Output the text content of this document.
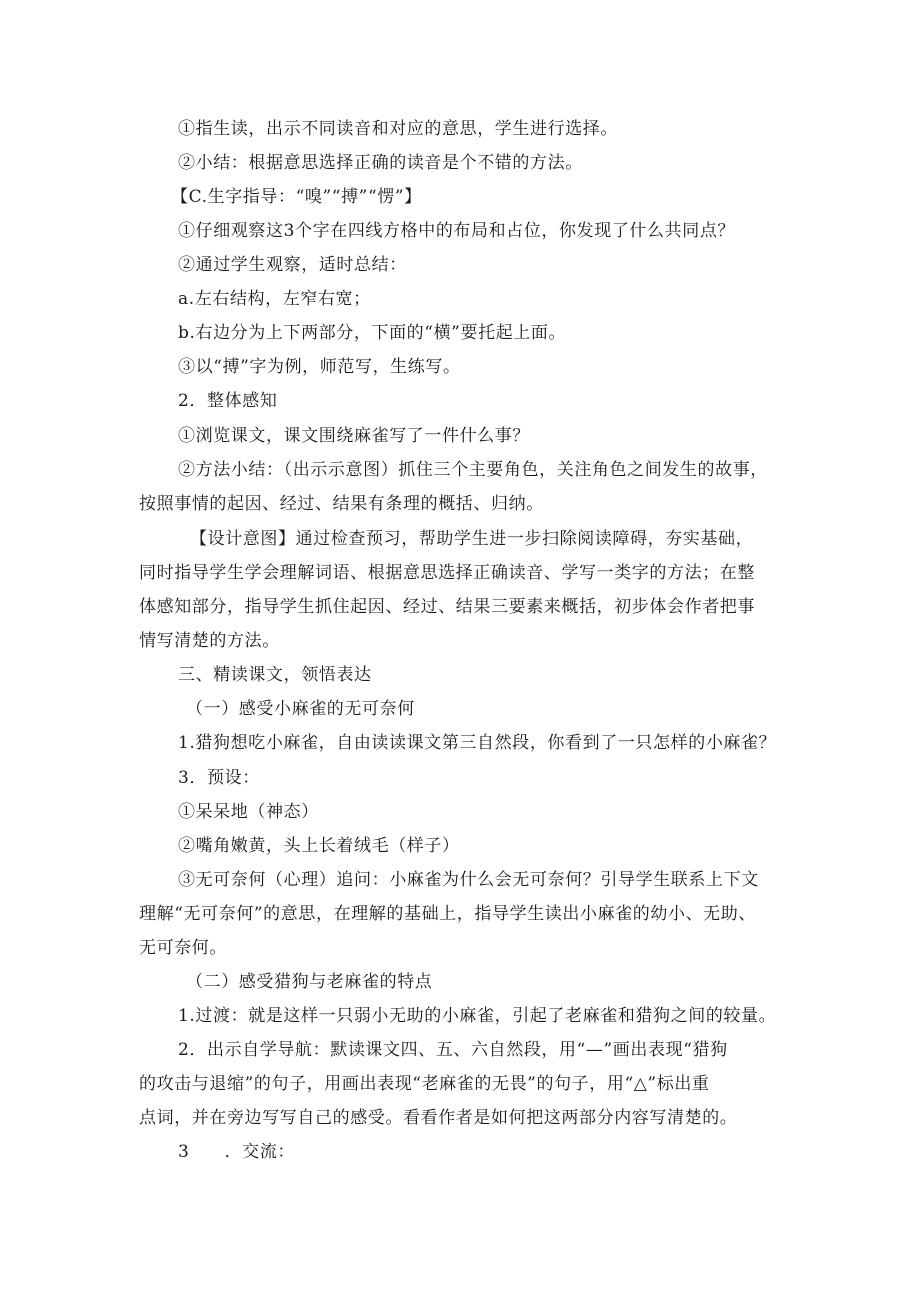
①指生读，出示不同读音和对应的意思，学生进行选择。
②小结：根据意思选择正确的读音是个不错的方法。
【C.生字指导：“嗅”“搏”“愣”】
①仔细观察这3个字在四线方格中的布局和占位，你发现了什么共同点？
②通过学生观察，适时总结：
a.左右结构，左窄右宽；
b.右边分为上下两部分，下面的“横”要托起上面。
③以“搏”字为例，师范写，生练写。
2．整体感知
①浏览课文，课文围绕麻雀写了一件什么事？
②方法小结：（出示示意图）抓住三个主要角色，关注角色之间发生的故事，
按照事情的起因、经过、结果有条理的概括、归纳。
【设计意图】通过检查预习，帮助学生进一步扫除阅读障碍，夯实基础，
同时指导学生学会理解词语、根据意思选择正确读音、学写一类字的方法；在整
体感知部分，指导学生抓住起因、经过、结果三要素来概括，初步体会作者把事
情写清楚的方法。
三、精读课文，领悟表达
（一）感受小麻雀的无可奈何
1.猎狗想吃小麻雀，自由读读课文第三自然段，你看到了一只怎样的小麻雀？
3．预设：
①呆呆地（神态）
②嘴角嫩黄，头上长着绒毛（样子）
③无可奈何（心理）追问：小麻雀为什么会无可奈何？引导学生联系上下文
理解“无可奈何”的意思，在理解的基础上，指导学生读出小麻雀的幼小、无助、
无可奈何。
（二）感受猎狗与老麻雀的特点
1.过渡：就是这样一只弱小无助的小麻雀，引起了老麻雀和猎狗之间的较量。
2．出示自学导航：默读课文四、五、六自然段，用“—”画出表现“猎狗
的攻击与退缩”的句子，用画出表现“老麻雀的无畏”的句子，用“△”标出重
点词，并在旁边写写自己的感受。看看作者是如何把这两部分内容写清楚的。
3　　．交流：
